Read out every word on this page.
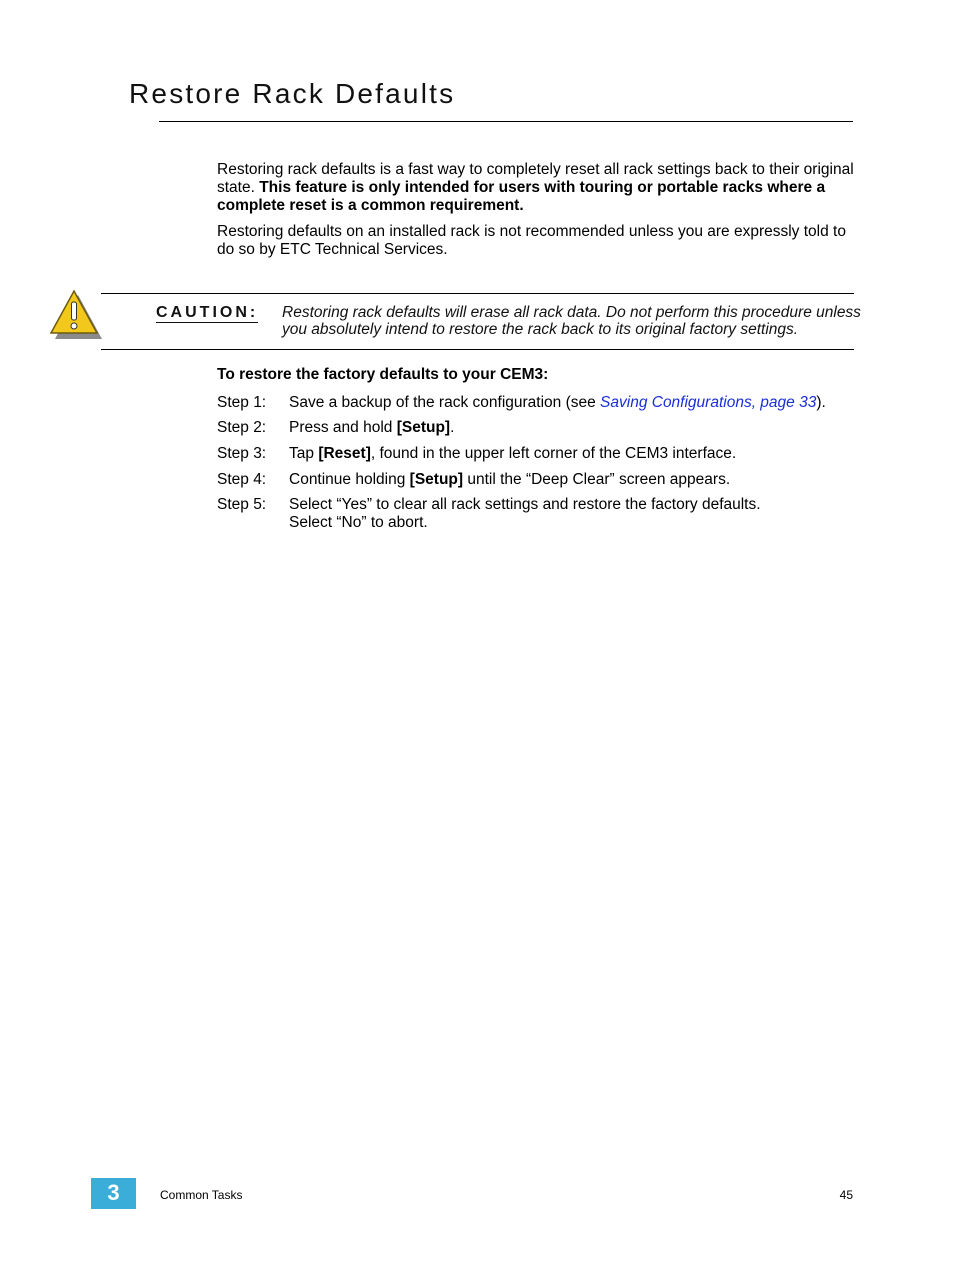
Restore Rack Defaults

Restoring rack defaults is a fast way to completely reset all rack settings back to their original state. This feature is only intended for users with touring or portable racks where a complete reset is a common requirement.

Restoring defaults on an installed rack is not recommended unless you are expressly told to do so by ETC Technical Services.

CAUTION: Restoring rack defaults will erase all rack data. Do not perform this procedure unless you absolutely intend to restore the rack back to its original factory settings.

To restore the factory defaults to your CEM3:

Step 1: Save a backup of the rack configuration (see Saving Configurations, page 33).
Step 2: Press and hold [Setup].
Step 3: Tap [Reset], found in the upper left corner of the CEM3 interface.
Step 4: Continue holding [Setup] until the “Deep Clear” screen appears.
Step 5: Select “Yes” to clear all rack settings and restore the factory defaults.
Select “No” to abort.
3	Common Tasks	45
